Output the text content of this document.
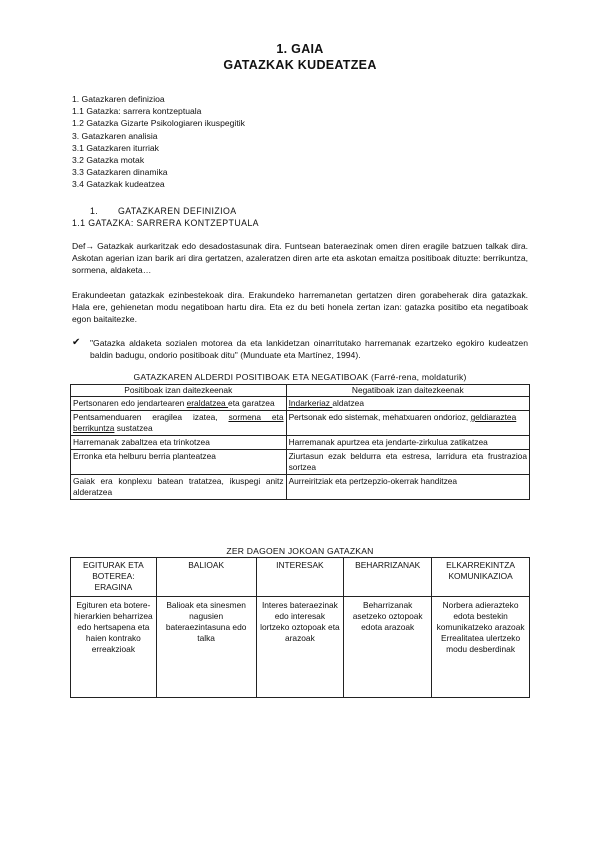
1. GAIA
GATAZKAK KUDEATZEA
1. Gatazkaren definizioa
1.1 Gatazka: sarrera kontzeptuala
1.2 Gatazka Gizarte Psikologiaren ikuspegitik
3. Gatazkaren analisia
3.1 Gatazkaren iturriak
3.2 Gatazka motak
3.3 Gatazkaren dinamika
3.4 Gatazkak kudeatzea
1. GATAZKAREN DEFINIZIOA
1.1 GATAZKA: SARRERA KONTZEPTUALA
Def→ Gatazkak aurkaritzak edo desadostasunak dira. Funtsean bateraezinak omen diren eragile batzuen talkak dira. Askotan agerian izan barik ari dira gertatzen, azaleratzen diren arte eta askotan emaitza positiboak dituzte: berrikuntza, sormena, aldaketa…
Erakundeetan gatazkak ezinbestekoak dira. Erakundeko harremanetan gertatzen diren gorabeherak dira gatazkak. Hala ere, gehienetan modu negatiboan hartu dira. Eta ez du beti honela zertan izan: gatazka positibo eta negatiboak egon baitaitezke.
✔ "Gatazka aldaketa sozialen motorea da eta lankidetzan oinarritutako harremanak ezartzeko egokiro kudeatzen baldin badugu, ondorio positiboak ditu" (Munduate eta Martínez, 1994).
GATAZKAREN ALDERDI POSITIBOAK ETA NEGATIBOAK (Farré-rena, moldaturik)
Positiboak izan daitezkeenak	Negatiboak izan daitezkeenak
Pertsonaren edo jendartearen eraldatzea eta garatzea	Indarkeriaz aldatzea
Pentsamenduaren eragilea izatea, sormena eta berrikuntza sustatzea	Pertsonak edo sistemak, mehatxuaren ondorioz, geldiaraztea
Harremanak zabaltzea eta trinkotzea	Harremanak apurtzea eta jendarte-zirkulua zatikatzea
Erronka eta helburu berria planteatzea	Ziurtasun ezak beldurra eta estresa, larridura eta frustrazioa sortzea
Gaiak era konplexu batean tratatzea, ikuspegi anitz alderatzea	Aurreiritziak eta pertzepzio-okerrak handitzea
ZER DAGOEN JOKOAN GATAZKAN
EGITURAK ETA BOTEREA: ERAGINA	BALIOAK	INTERESAK	BEHARRIZANAK	ELKARREKINTZA KOMUNIKAZIOA
Egituren eta botere-hierarkien beharrizea edo hertsapena eta haien kontrako erreakzioak	Balioak eta sinesmen nagusien bateraezintasuna edo talka	Interes bateraezinak edo interesak lortzeko oztopoak eta arazoak	Beharrizanak asetzeko oztopoak edota arazoak	Norbera adierazteko edota bestekin komunikatzeko arazoak Errealitatea ulertzeko modu desberdinak
